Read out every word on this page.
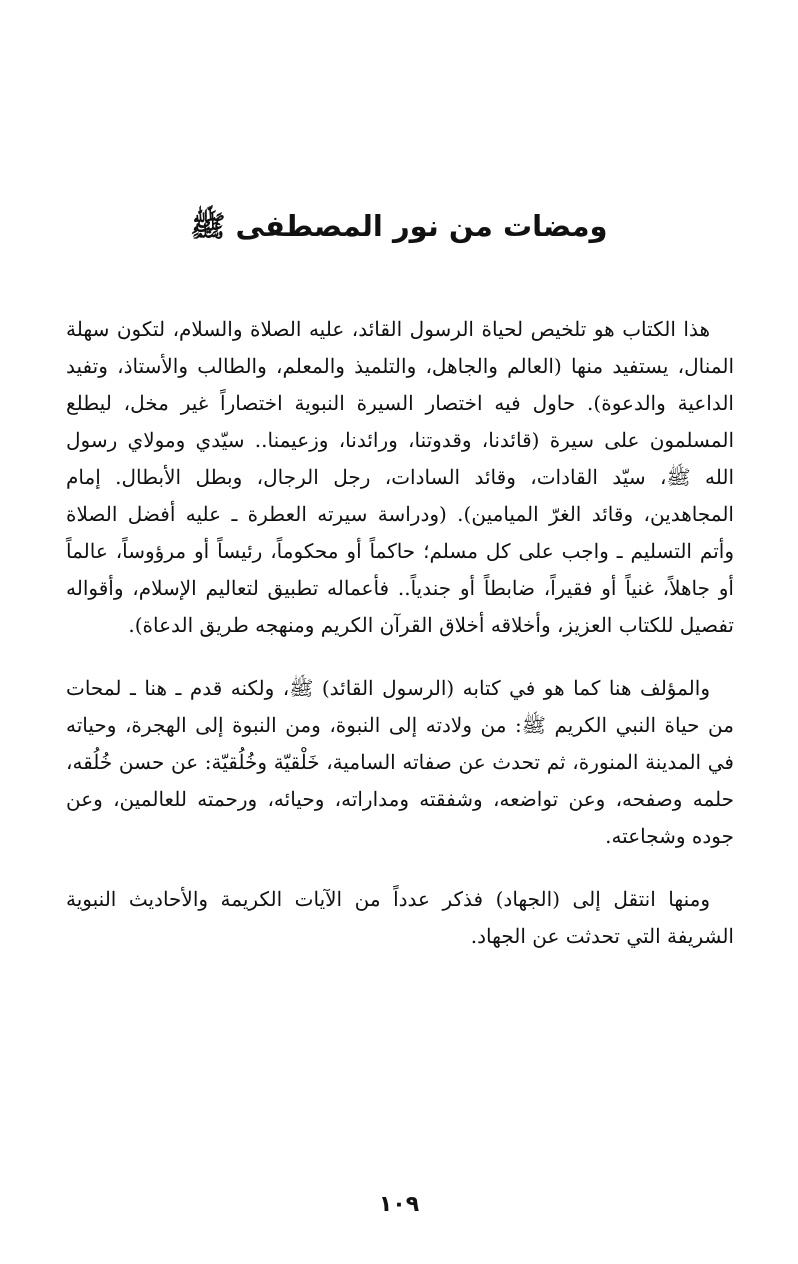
ومضات من نور المصطفى ﷺ

هذا الكتاب هو تلخيص لحياة الرسول القائد، عليه الصلاة والسلام، لتكون سهلة المنال، يستفيد منها (العالم والجاهل، والتلميذ والمعلم، والطالب والأستاذ، وتفيد الداعية والدعوة). حاول فيه اختصار السيرة النبوية اختصاراً غير مخل، ليطلع المسلمون على سيرة (قائدنا، وقدوتنا، ورائدنا، وزعيمنا.. سيّدي ومولاي رسول الله ﷺ، سيّد القادات، وقائد السادات، رجل الرجال، وبطل الأبطال. إمام المجاهدين، وقائد الغرّ الميامين). (ودراسة سيرته العطرة ـ عليه أفضل الصلاة وأتم التسليم ـ واجب على كل مسلم؛ حاكماً أو محكوماً، رئيساً أو مرؤوساً، عالماً أو جاهلاً، غنياً أو فقيراً، ضابطاً أو جندياً.. فأعماله تطبيق لتعاليم الإسلام، وأقواله تفصيل للكتاب العزيز، وأخلاقه أخلاق القرآن الكريم ومنهجه طريق الدعاة).

والمؤلف هنا كما هو في كتابه (الرسول القائد) ﷺ، ولكنه قدم ـ هنا ـ لمحات من حياة النبي الكريم ﷺ: من ولادته إلى النبوة، ومن النبوة إلى الهجرة، وحياته في المدينة المنورة، ثم تحدث عن صفاته السامية، خَلْقيّة وخُلُقيّة: عن حسن خُلُقه، حلمه وصفحه، وعن تواضعه، وشفقته ومداراته، وحيائه، ورحمته للعالمين، وعن جوده وشجاعته.

ومنها انتقل إلى (الجهاد) فذكر عدداً من الآيات الكريمة والأحاديث النبوية الشريفة التي تحدثت عن الجهاد.

١٠٩
